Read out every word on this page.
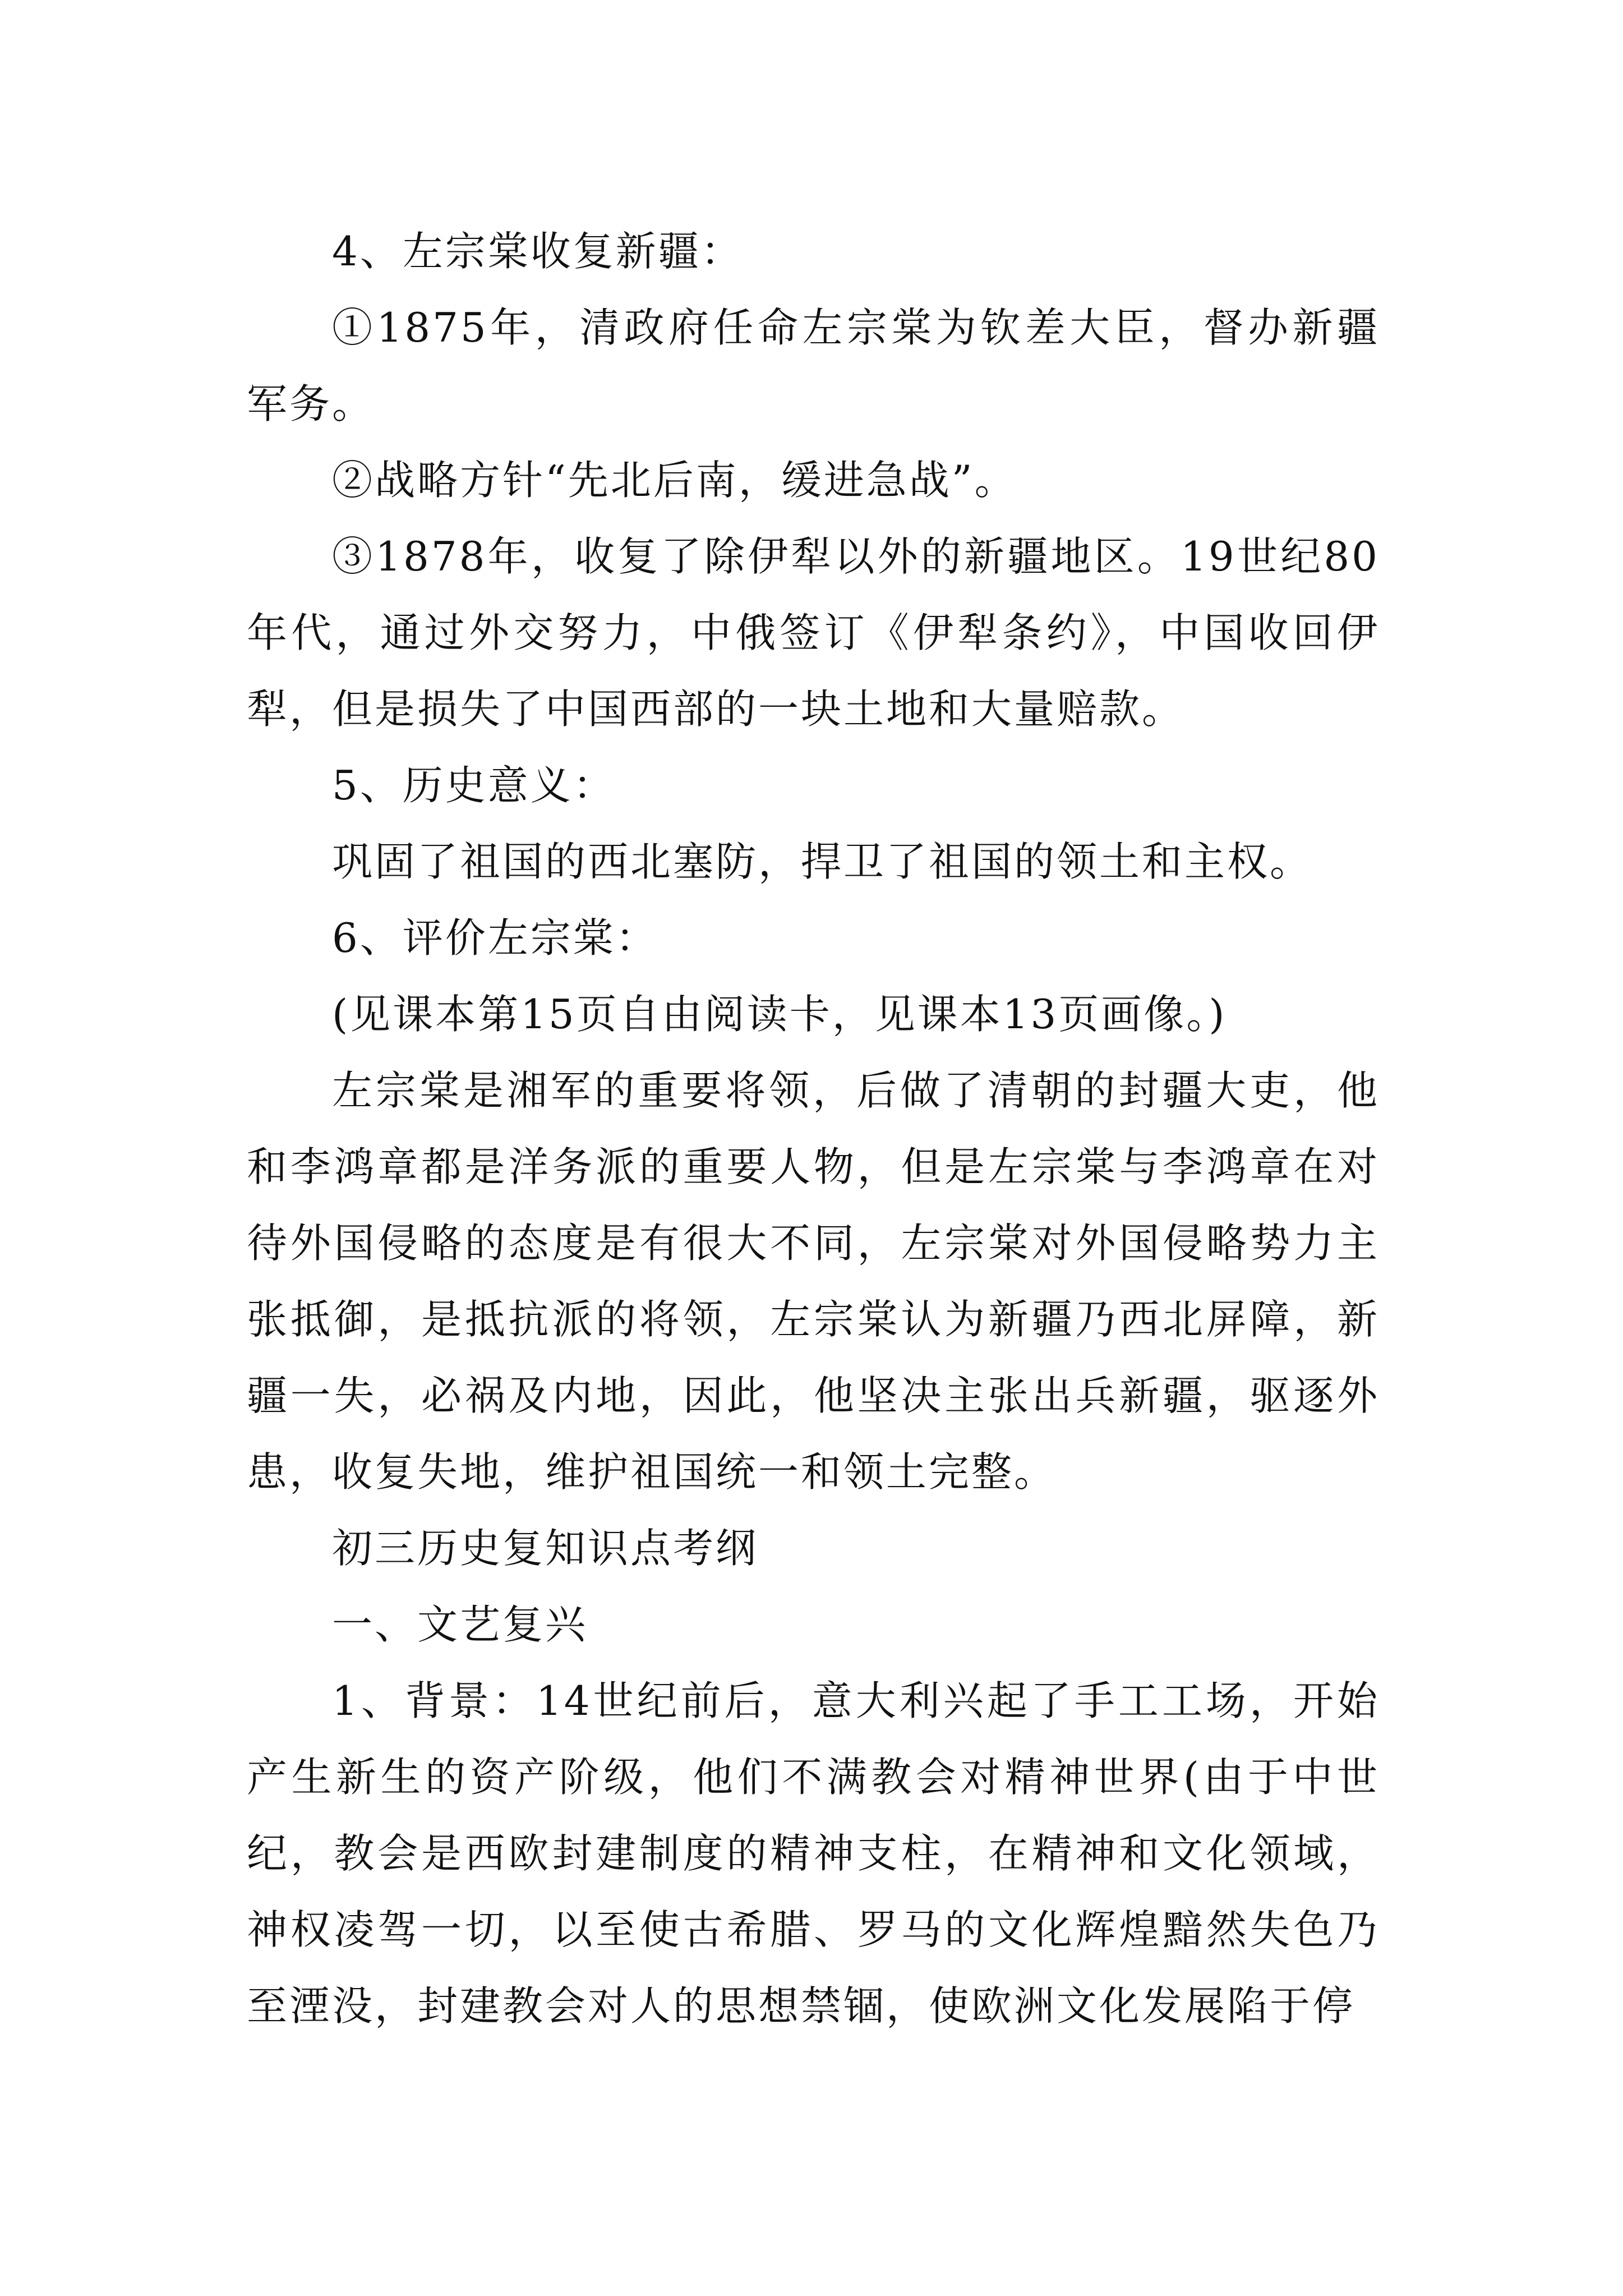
4、左宗棠收复新疆：

①1875年，清政府任命左宗棠为钦差大臣，督办新疆军务。

②战略方针“先北后南，缓进急战”。

③1878年，收复了除伊犁以外的新疆地区。19世纪80年代，通过外交努力，中俄签订《伊犁条约》，中国收回伊犁，但是损失了中国西部的一块土地和大量赔款。

5、历史意义：

巩固了祖国的西北塞防，捍卫了祖国的领土和主权。

6、评价左宗棠：

(见课本第15页自由阅读卡，见课本13页画像。)

左宗棠是湘军的重要将领，后做了清朝的封疆大吏，他和李鸿章都是洋务派的重要人物，但是左宗棠与李鸿章在对待外国侵略的态度是有很大不同，左宗棠对外国侵略势力主张抵御，是抵抗派的将领，左宗棠认为新疆乃西北屏障，新疆一失，必祸及内地，因此，他坚决主张出兵新疆，驱逐外患，收复失地，维护祖国统一和领土完整。

初三历史复知识点考纲

一、文艺复兴

1、背景：14世纪前后，意大利兴起了手工工场，开始产生新生的资产阶级，他们不满教会对精神世界(由于中世纪，教会是西欧封建制度的精神支柱，在精神和文化领域，神权凌驾一切，以至使古希腊、罗马的文化辉煌黯然失色乃至湮没，封建教会对人的思想禁锢，使欧洲文化发展陷于停
